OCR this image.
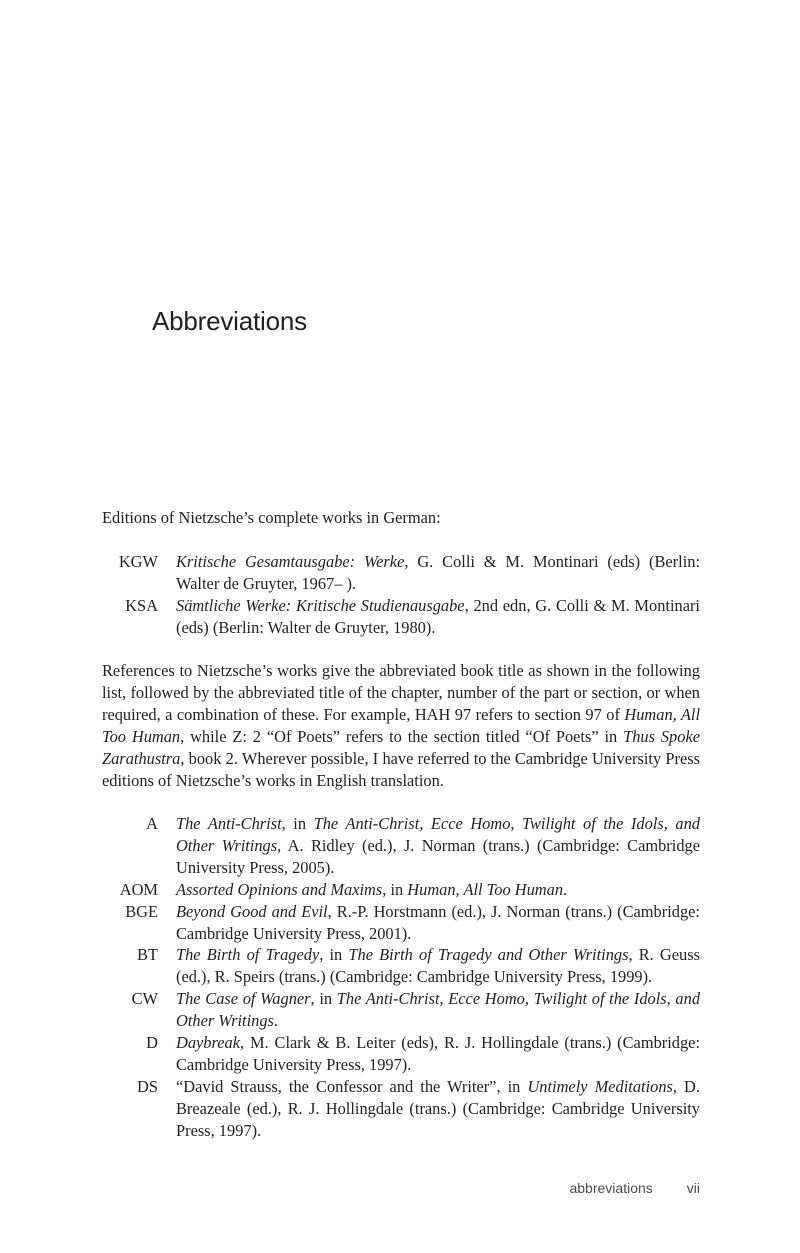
Abbreviations
Editions of Nietzsche’s complete works in German:
KGW Kritische Gesamtausgabe: Werke, G. Colli & M. Montinari (eds) (Berlin: Walter de Gruyter, 1967– ).
KSA Sämtliche Werke: Kritische Studienausgabe, 2nd edn, G. Colli & M. Montinari (eds) (Berlin: Walter de Gruyter, 1980).

References to Nietzsche’s works give the abbreviated book title as shown in the following list, followed by the abbreviated title of the chapter, number of the part or section, or when required, a combination of these. For example, HAH 97 refers to section 97 of Human, All Too Human, while Z: 2 “Of Poets” refers to the section titled “Of Poets” in Thus Spoke Zarathustra, book 2. Wherever possible, I have referred to the Cambridge University Press editions of Nietzsche’s works in English translation.

A The Anti-Christ, in The Anti-Christ, Ecce Homo, Twilight of the Idols, and Other Writings, A. Ridley (ed.), J. Norman (trans.) (Cambridge: Cambridge University Press, 2005).
AOM Assorted Opinions and Maxims, in Human, All Too Human.
BGE Beyond Good and Evil, R.-P. Horstmann (ed.), J. Norman (trans.) (Cambridge: Cambridge University Press, 2001).
BT The Birth of Tragedy, in The Birth of Tragedy and Other Writings, R. Geuss (ed.), R. Speirs (trans.) (Cambridge: Cambridge University Press, 1999).
CW The Case of Wagner, in The Anti-Christ, Ecce Homo, Twilight of the Idols, and Other Writings.
D Daybreak, M. Clark & B. Leiter (eds), R. J. Hollingdale (trans.) (Cambridge: Cambridge University Press, 1997).
DS “David Strauss, the Confessor and the Writer”, in Untimely Meditations, D. Breazeale (ed.), R. J. Hollingdale (trans.) (Cambridge: Cambridge University Press, 1997).
abbreviations vii
